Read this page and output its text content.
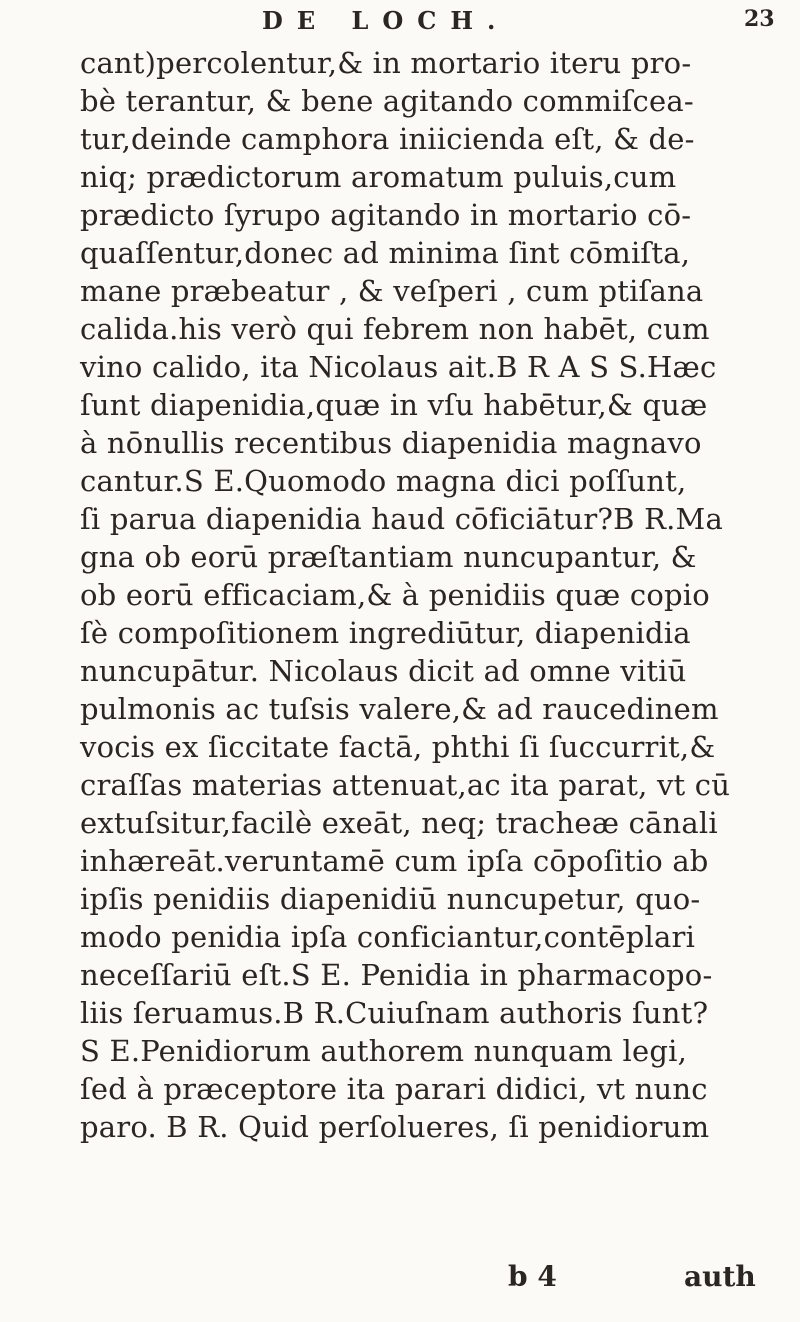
DE LOCH.	23
cant)percolentur,& in mortario iteru pro-
bè terantur, & bene agitando commiſcea-
tur,deinde camphora iniicienda eſt, & de-
niq; prædictorum aromatum puluis,cum
prædicto ſyrupo agitando in mortario cō-
quaſſentur,donec ad minima ſint cōmiſta,
mane præbeatur , & veſperi , cum ptiſana
calida.his verò qui febrem non habēt, cum
vino calido, ita Nicolaus ait.B R A S S.Hæc
ſunt diapenidia,quæ in vſu habētur,& quæ
à nōnullis recentibus diapenidia magnavo
cantur.S E.Quomodo magna dici poſſunt,
ſi parua diapenidia haud cōficiātur?B R.Ma
gna ob eorū præſtantiam nuncupantur, &
ob eorū efficaciam,& à penidiis quæ copio
ſè compoſitionem ingrediūtur, diapenidia
nuncupātur. Nicolaus dicit ad omne vitiū
pulmonis ac tuſsis valere,& ad raucedinem
vocis ex ſiccitate factā, phthi ſi ſuccurrit,&
craſſas materias attenuat,ac ita parat, vt cū
extuſsitur,facilè exeāt, neq; tracheæ cānali
inhæreāt.veruntamē cum ipſa cōpoſitio ab
ipſis penidiis diapenidiū nuncupetur, quo-
modo penidia ipſa conficiantur,contēplari
neceſſariū eſt.S E. Penidia in pharmacopo-
liis ſeruamus.B R.Cuiuſnam authoris ſunt?
S E.Penidiorum authorem nunquam legi,
ſed à præceptore ita parari didici, vt nunc
paro. B R. Quid perſolueres, ſi penidiorum
b 4	auth
